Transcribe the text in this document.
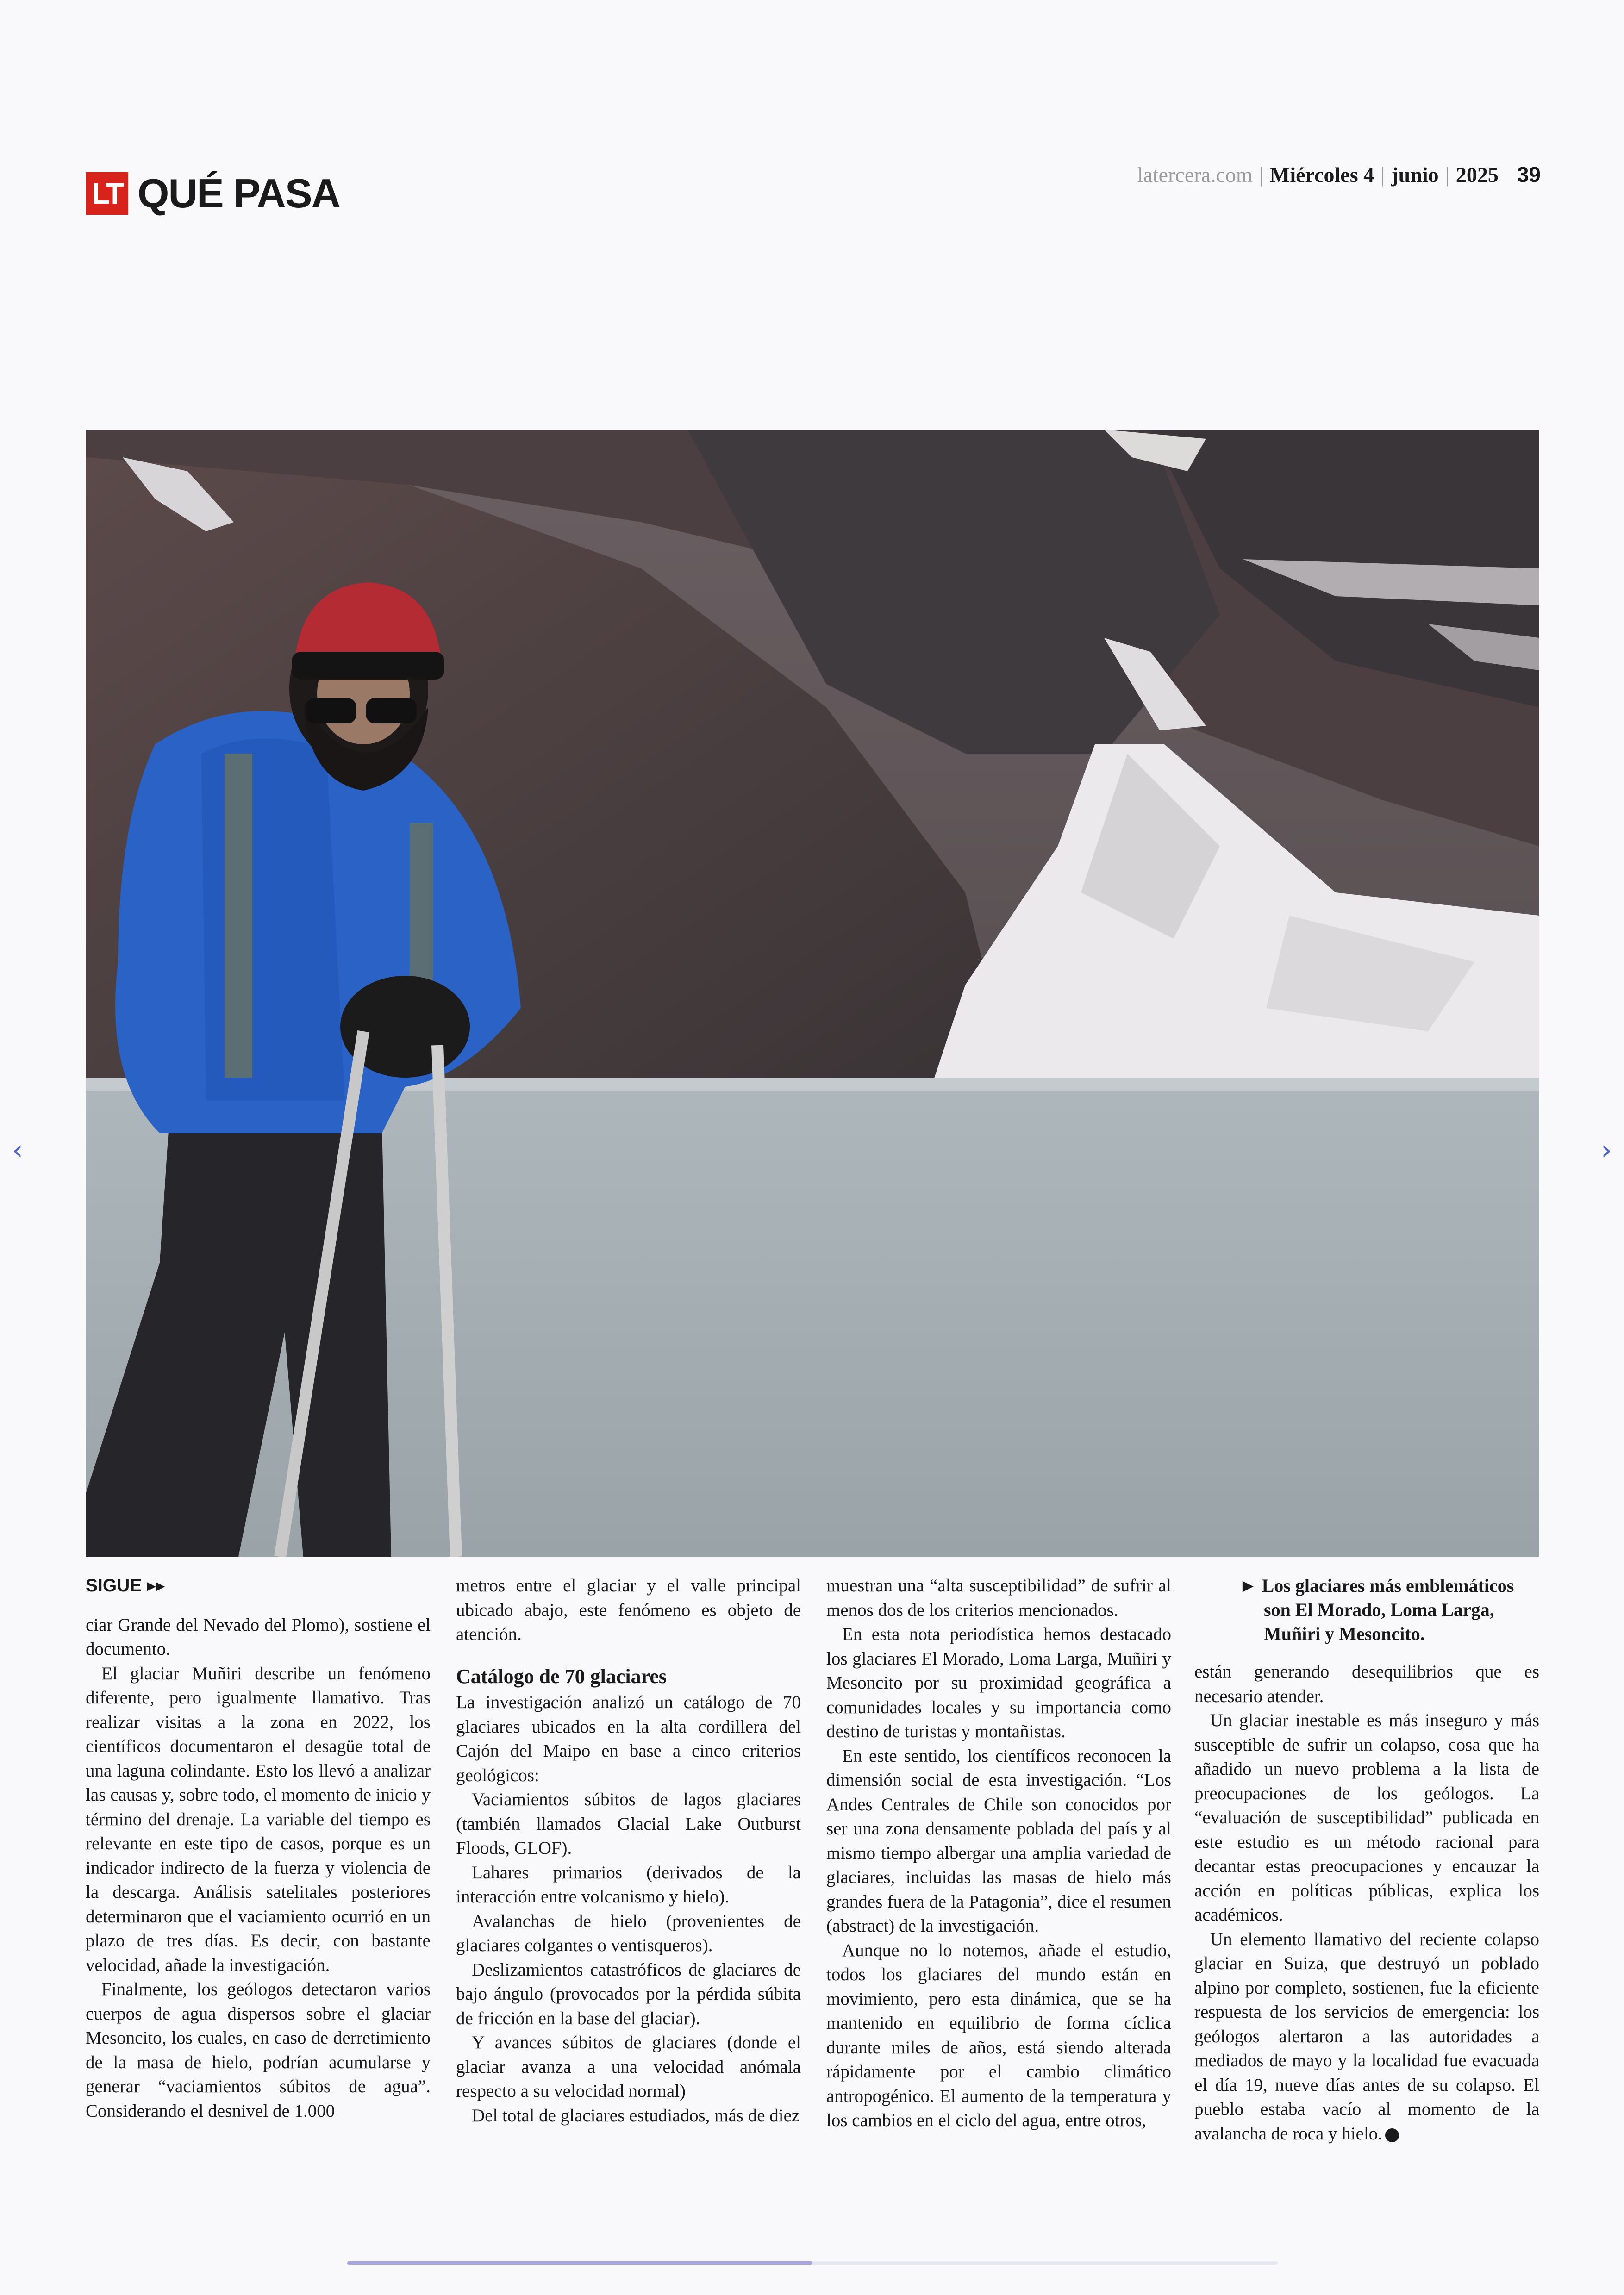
LT QUÉ PASA	latercera.com | Miércoles 4 | junio | 2025 39
‹	›

SIGUE ▸▸

ciar Grande del Nevado del Plomo), sostiene el documento.

El glaciar Muñiri describe un fenómeno diferente, pero igualmente llamativo. Tras realizar visitas a la zona en 2022, los científicos documentaron el desagüe total de una laguna colindante. Esto los llevó a analizar las causas y, sobre todo, el momento de inicio y término del drenaje. La variable del tiempo es relevante en este tipo de casos, porque es un indicador indirecto de la fuerza y violencia de la descarga. Análisis satelitales posteriores determinaron que el vaciamiento ocurrió en un plazo de tres días. Es decir, con bastante velocidad, añade la investigación.

Finalmente, los geólogos detectaron varios cuerpos de agua dispersos sobre el glaciar Mesoncito, los cuales, en caso de derretimiento de la masa de hielo, podrían acumularse y generar “vaciamientos súbitos de agua”. Considerando el desnivel de 1.000

metros entre el glaciar y el valle principal ubicado abajo, este fenómeno es objeto de atención.

Catálogo de 70 glaciares

La investigación analizó un catálogo de 70 glaciares ubicados en la alta cordillera del Cajón del Maipo en base a cinco criterios geológicos:

Vaciamientos súbitos de lagos glaciares (también llamados Glacial Lake Outburst Floods, GLOF).

Lahares primarios (derivados de la interacción entre volcanismo y hielo).

Avalanchas de hielo (provenientes de glaciares colgantes o ventisqueros).

Deslizamientos catastróficos de glaciares de bajo ángulo (provocados por la pérdida súbita de fricción en la base del glaciar).

Y avances súbitos de glaciares (donde el glaciar avanza a una velocidad anómala respecto a su velocidad normal)

Del total de glaciares estudiados, más de diez

muestran una “alta susceptibilidad” de sufrir al menos dos de los criterios mencionados.

En esta nota periodística hemos destacado los glaciares El Morado, Loma Larga, Muñiri y Mesoncito por su proximidad geográfica a comunidades locales y su importancia como destino de turistas y montañistas.

En este sentido, los científicos reconocen la dimensión social de esta investigación. “Los Andes Centrales de Chile son conocidos por ser una zona densamente poblada del país y al mismo tiempo albergar una amplia variedad de glaciares, incluidas las masas de hielo más grandes fuera de la Patagonia”, dice el resumen (abstract) de la investigación.

Aunque no lo notemos, añade el estudio, todos los glaciares del mundo están en movimiento, pero esta dinámica, que se ha mantenido en equilibrio de forma cíclica durante miles de años, está siendo alterada rápidamente por el cambio climático antropogénico. El aumento de la temperatura y los cambios en el ciclo del agua, entre otros,

► Los glaciares más emblemáticos son El Morado, Loma Larga, Muñiri y Mesoncito.

están generando desequilibrios que es necesario atender.

Un glaciar inestable es más inseguro y más susceptible de sufrir un colapso, cosa que ha añadido un nuevo problema a la lista de preocupaciones de los geólogos. La “evaluación de susceptibilidad” publicada en este estudio es un método racional para decantar estas preocupaciones y encauzar la acción en políticas públicas, explica los académicos.

Un elemento llamativo del reciente colapso glaciar en Suiza, que destruyó un poblado alpino por completo, sostienen, fue la eficiente respuesta de los servicios de emergencia: los geólogos alertaron a las autoridades a mediados de mayo y la localidad fue evacuada el día 19, nueve días antes de su colapso. El pueblo estaba vacío al momento de la avalancha de roca y hielo.
